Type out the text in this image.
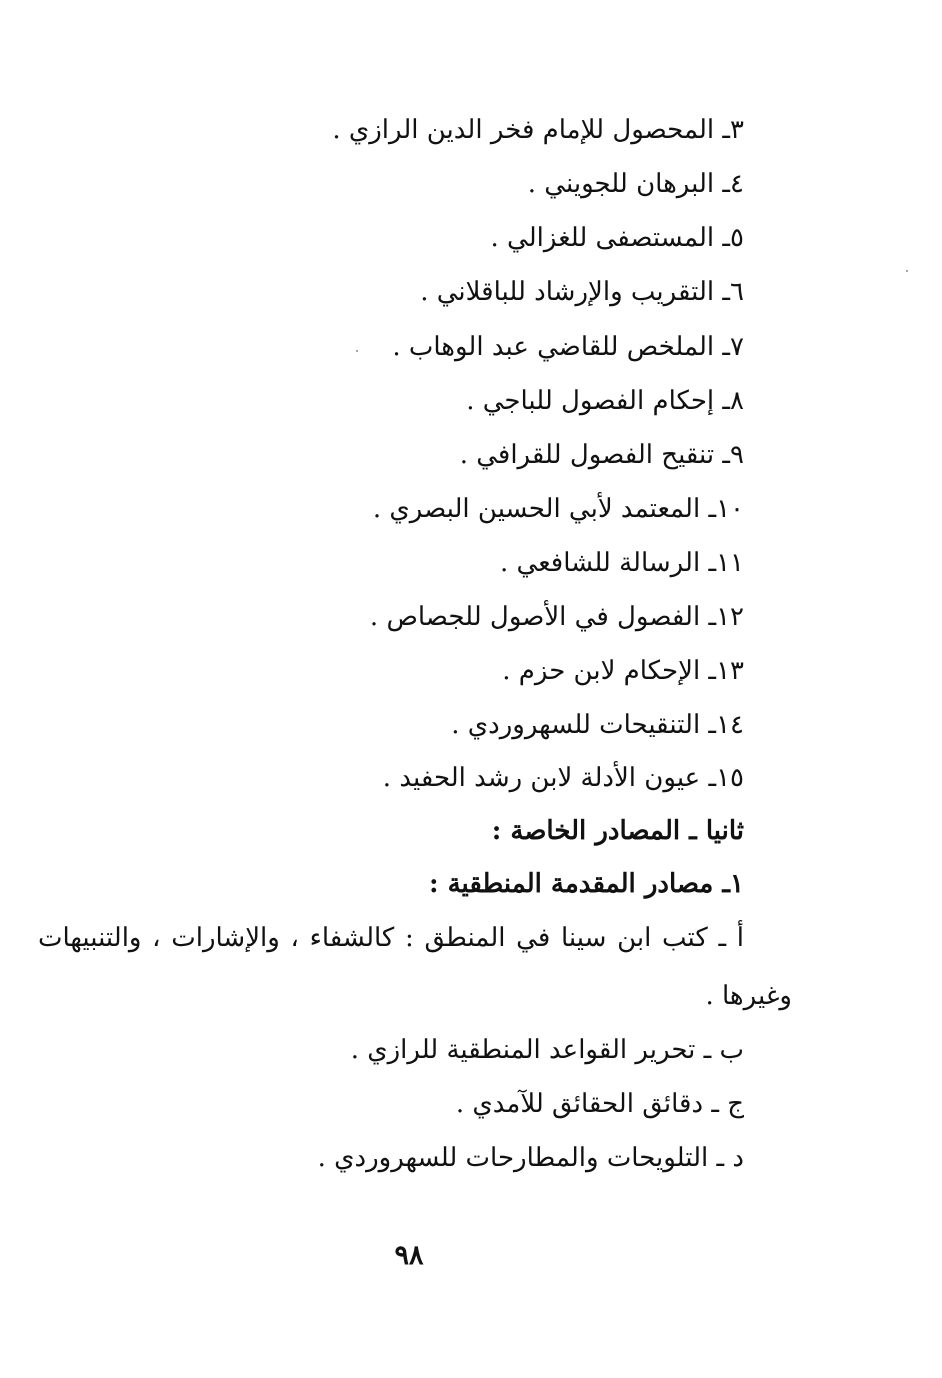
٣ـ المحصول للإمام فخر الدين الرازي .
٤ـ البرهان للجويني .
٥ـ المستصفى للغزالي .
٦ـ التقريب والإرشاد للباقلاني .
٧ـ الملخص للقاضي عبد الوهاب .
٨ـ إحكام الفصول للباجي .
٩ـ تنقيح الفصول للقرافي .
١٠ـ المعتمد لأبي الحسين البصري .
١١ـ الرسالة للشافعي .
١٢ـ الفصول في الأصول للجصاص .
١٣ـ الإحكام لابن حزم .
١٤ـ التنقيحات للسهروردي .
١٥ـ عيون الأدلة لابن رشد الحفيد .
ثانيا ـ المصادر الخاصة :
١ـ مصادر المقدمة المنطقية :
أ ـ كتب ابن سينا في المنطق : كالشفاء ، والإشارات ، والتنبيهات
وغيرها .
ب ـ تحرير القواعد المنطقية للرازي .
ج ـ دقائق الحقائق للآمدي .
د ـ التلويحات والمطارحات للسهروردي .
٩٨
